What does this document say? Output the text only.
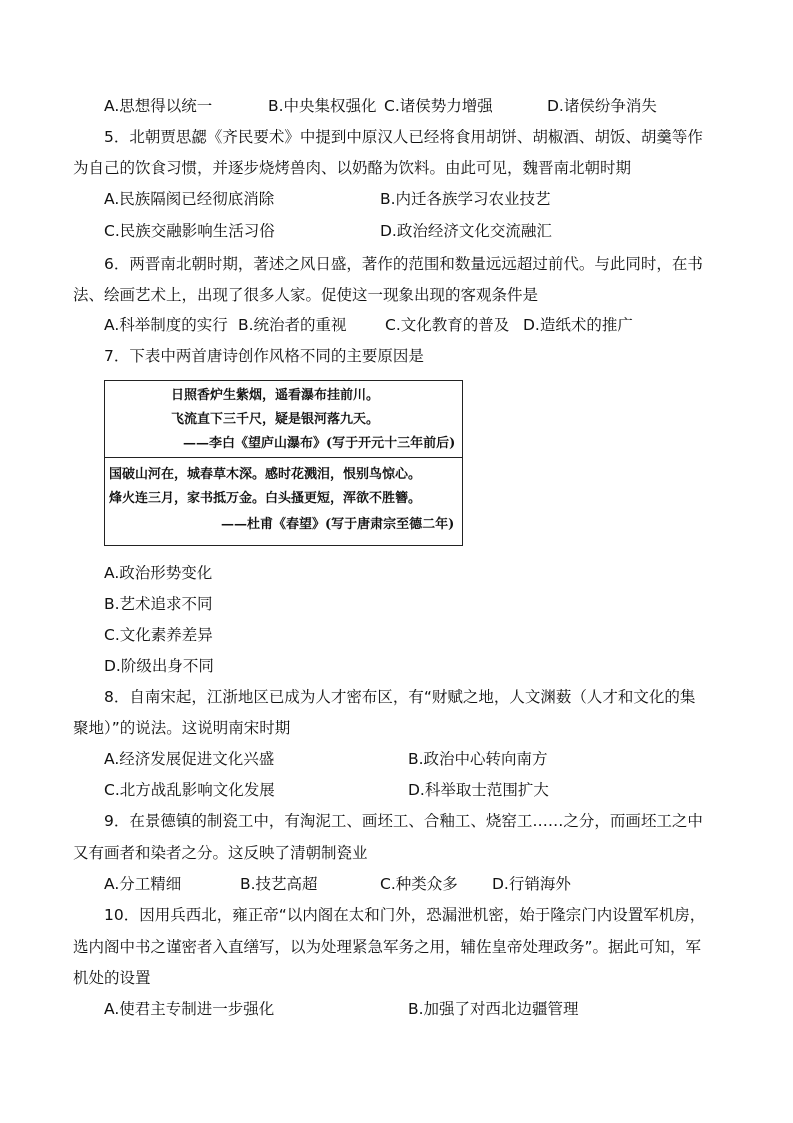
A.思想得以统一	B.中央集权强化 C.诸侯势力增强	D.诸侯纷争消失
5．北朝贾思勰《齐民要术》中提到中原汉人已经将食用胡饼、胡椒酒、胡饭、胡羹等作
为自己的饮食习惯，并逐步烧烤兽肉、以奶酪为饮料。由此可见，魏晋南北朝时期
A.民族隔阂已经彻底消除	B.内迁各族学习农业技艺
C.民族交融影响生活习俗	D.政治经济文化交流融汇
6．两晋南北朝时期，著述之风日盛，著作的范围和数量远远超过前代。与此同时，在书
法、绘画艺术上，出现了很多人家。促使这一现象出现的客观条件是
A.科举制度的实行 B.统治者的重视 C.文化教育的普及 D.造纸术的推广
7．下表中两首唐诗创作风格不同的主要原因是
日照香炉生紫烟，遥看瀑布挂前川。
飞流直下三千尺，疑是银河落九天。
——李白《望庐山瀑布》(写于开元十三年前后)
国破山河在，城春草木深。感时花溅泪，恨别鸟惊心。
烽火连三月，家书抵万金。白头搔更短，浑欲不胜簪。
——杜甫《春望》(写于唐肃宗至德二年)
A.政治形势变化
B.艺术追求不同
C.文化素养差异
D.阶级出身不同
8．自南宋起，江浙地区已成为人才密布区，有“财赋之地，人文渊薮（人才和文化的集
聚地）”的说法。这说明南宋时期
A.经济发展促进文化兴盛	B.政治中心转向南方
C.北方战乱影响文化发展	D.科举取士范围扩大
9．在景德镇的制瓷工中，有淘泥工、画坯工、合釉工、烧窑工……之分，而画坯工之中
又有画者和染者之分。这反映了清朝制瓷业
A.分工精细	B.技艺高超	C.种类众多 D.行销海外
10．因用兵西北，雍正帝“以内阁在太和门外，恐漏泄机密，始于隆宗门内设置军机房，
选内阁中书之谨密者入直缮写，以为处理紧急军务之用，辅佐皇帝处理政务”。据此可知，军
机处的设置
A.使君主专制进一步强化	B.加强了对西北边疆管理
